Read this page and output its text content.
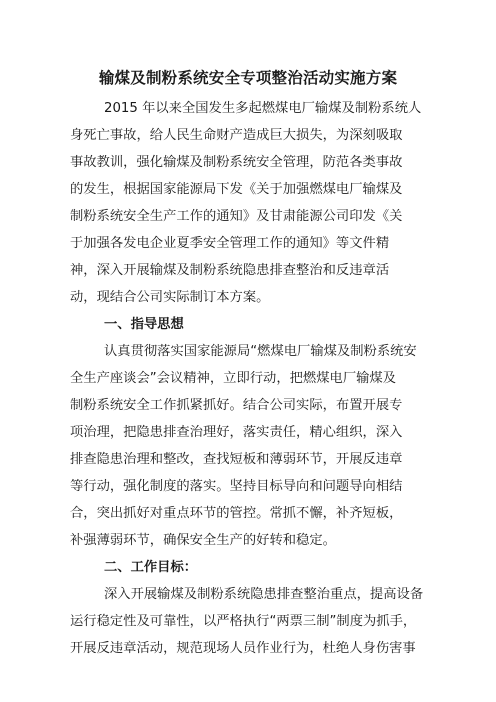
输煤及制粉系统安全专项整治活动实施方案
2015 年以来全国发生多起燃煤电厂输煤及制粉系统人
身死亡事故，给人民生命财产造成巨大损失，为深刻吸取
事故教训，强化输煤及制粉系统安全管理，防范各类事故
的发生，根据国家能源局下发《关于加强燃煤电厂输煤及
制粉系统安全生产工作的通知》及甘肃能源公司印发《关
于加强各发电企业夏季安全管理工作的通知》等文件精
神，深入开展输煤及制粉系统隐患排查整治和反违章活
动，现结合公司实际制订本方案。
一、指导思想
认真贯彻落实国家能源局“燃煤电厂输煤及制粉系统安
全生产座谈会”会议精神，立即行动，把燃煤电厂输煤及
制粉系统安全工作抓紧抓好。结合公司实际，布置开展专
项治理，把隐患排查治理好，落实责任，精心组织，深入
排查隐患治理和整改，查找短板和薄弱环节，开展反违章
等行动，强化制度的落实。坚持目标导向和问题导向相结
合，突出抓好对重点环节的管控。常抓不懈，补齐短板，
补强薄弱环节，确保安全生产的好转和稳定。
二、工作目标：
深入开展输煤及制粉系统隐患排查整治重点，提高设备
运行稳定性及可靠性，以严格执行“两票三制”制度为抓手，
开展反违章活动，规范现场人员作业行为，杜绝人身伤害事
